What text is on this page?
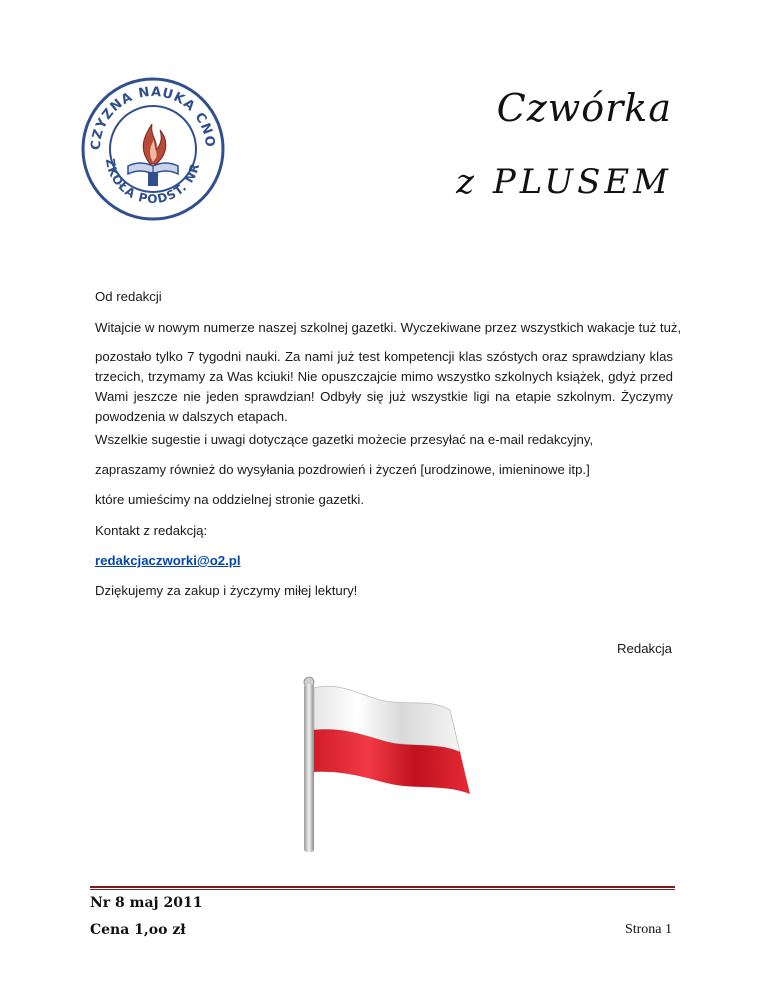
CZYZNA NAUKA CNO
ZKOŁA PODST. NR
Czwórka
z PLUSEM
Od redakcji
Witajcie w nowym numerze naszej szkolnej gazetki. Wyczekiwane przez wszystkich wakacje tuż tuż,
pozostało tylko 7 tygodni nauki. Za nami już test kompetencji klas szóstych oraz sprawdziany klas trzecich, trzymamy za Was kciuki! Nie opuszczajcie mimo wszystko szkolnych książek, gdyż przed Wami jeszcze nie jeden sprawdzian! Odbyły się już wszystkie ligi na etapie szkolnym. Życzymy powodzenia w dalszych etapach.
Wszelkie sugestie i uwagi dotyczące gazetki możecie przesyłać na e-mail redakcyjny,
zapraszamy również do wysyłania pozdrowień i życzeń [urodzinowe, imieninowe itp.]
które umieścimy na oddzielnej stronie gazetki.
Kontakt z redakcją:
redakcjaczworki@o2.pl
Dziękujemy za zakup i życzymy miłej lektury!
Redakcja
Nr 8 maj 2011
Cena 1,oo zł	Strona 1
